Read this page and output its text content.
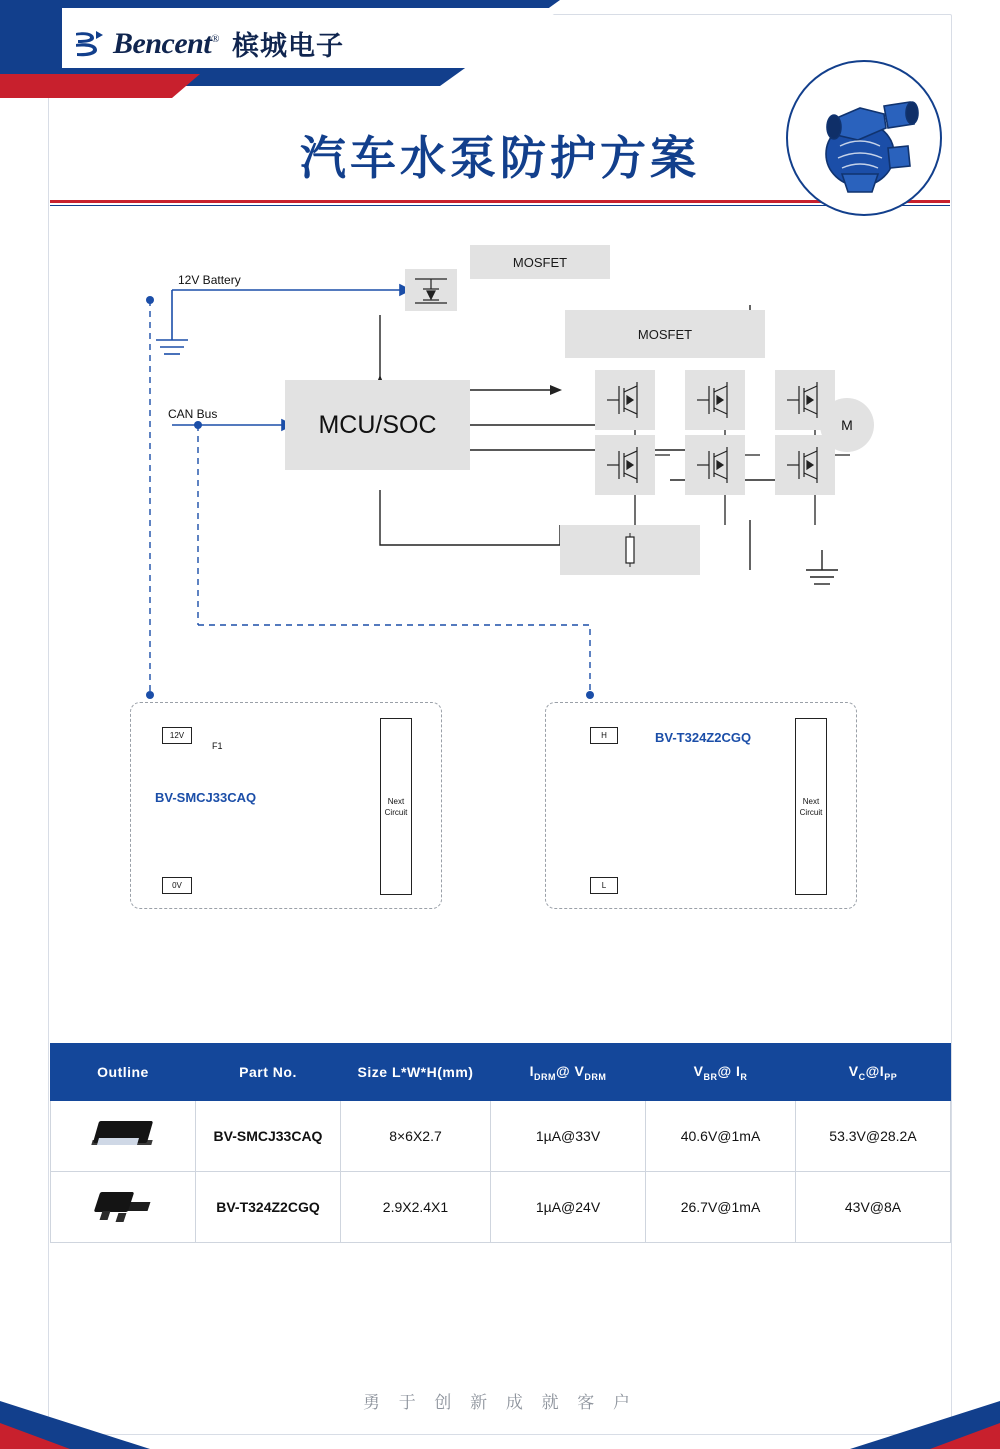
Bencent® 槟城电子
汽车水泵防护方案
MOSFET
MOSFET
MCU/SOC	M
12V Battery
CAN Bus
12V
0V
F1
BV-SMCJ33CAQ	Next
Circuit
H
L
BV-T324Z2CGQ
Next
Circuit
Outline	Part No.	Size L*W*H(mm)	$I_{DRM}@$ $V_{DRM}$	$V_{BR}@$ $I_R$	$V_C@I_{PP}$

	BV-SMCJ33CAQ	8×6X2.7	1µA@33V	40.6V@1mA	53.3V@28.2A

	BV-T324Z2CGQ	2.9X2.4X1	1µA@24V	26.7V@1mA	43V@8A
勇 于 创 新 成 就 客 户
